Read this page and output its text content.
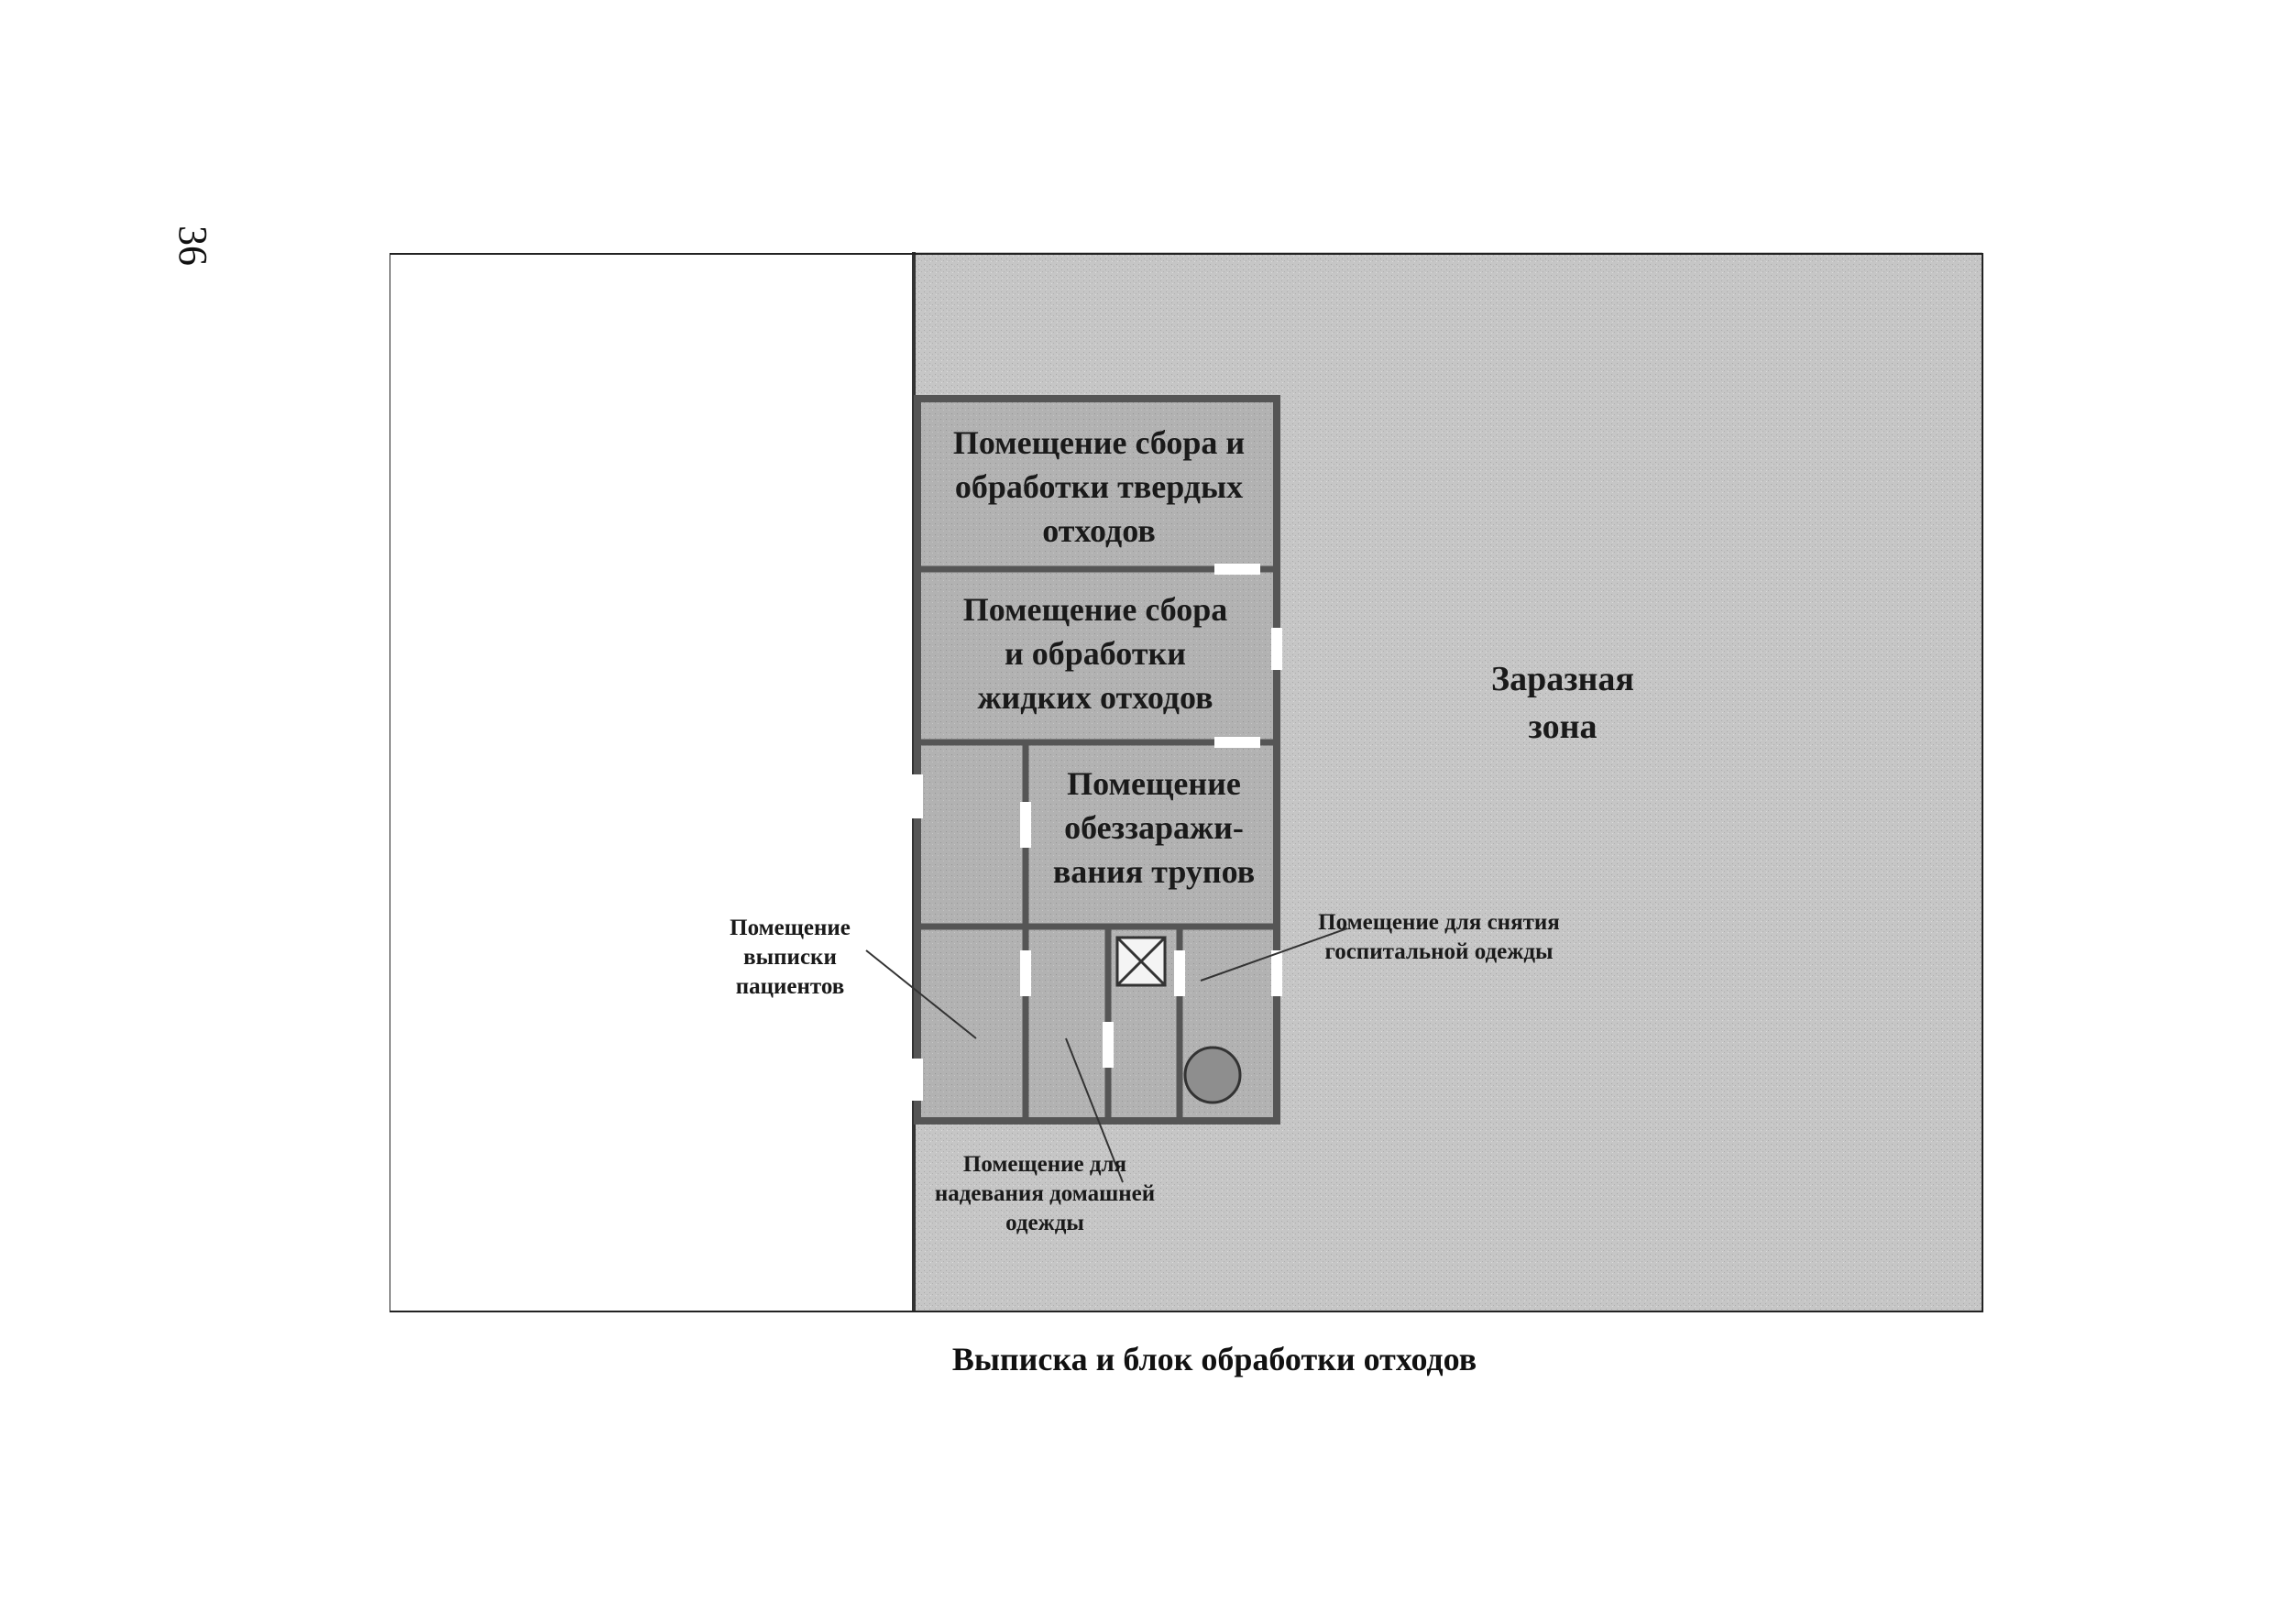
36
Помещение сбора и обработки твердых отходов
Помещение сбора и обработки жидких отходов
Помещение обеззаражи-вания трупов
Заразная зона
Помещение выписки пациентов
Помещение для снятия госпитальной одежды
Помещение для надевания домашней одежды
Выписка и блок обработки отходов
